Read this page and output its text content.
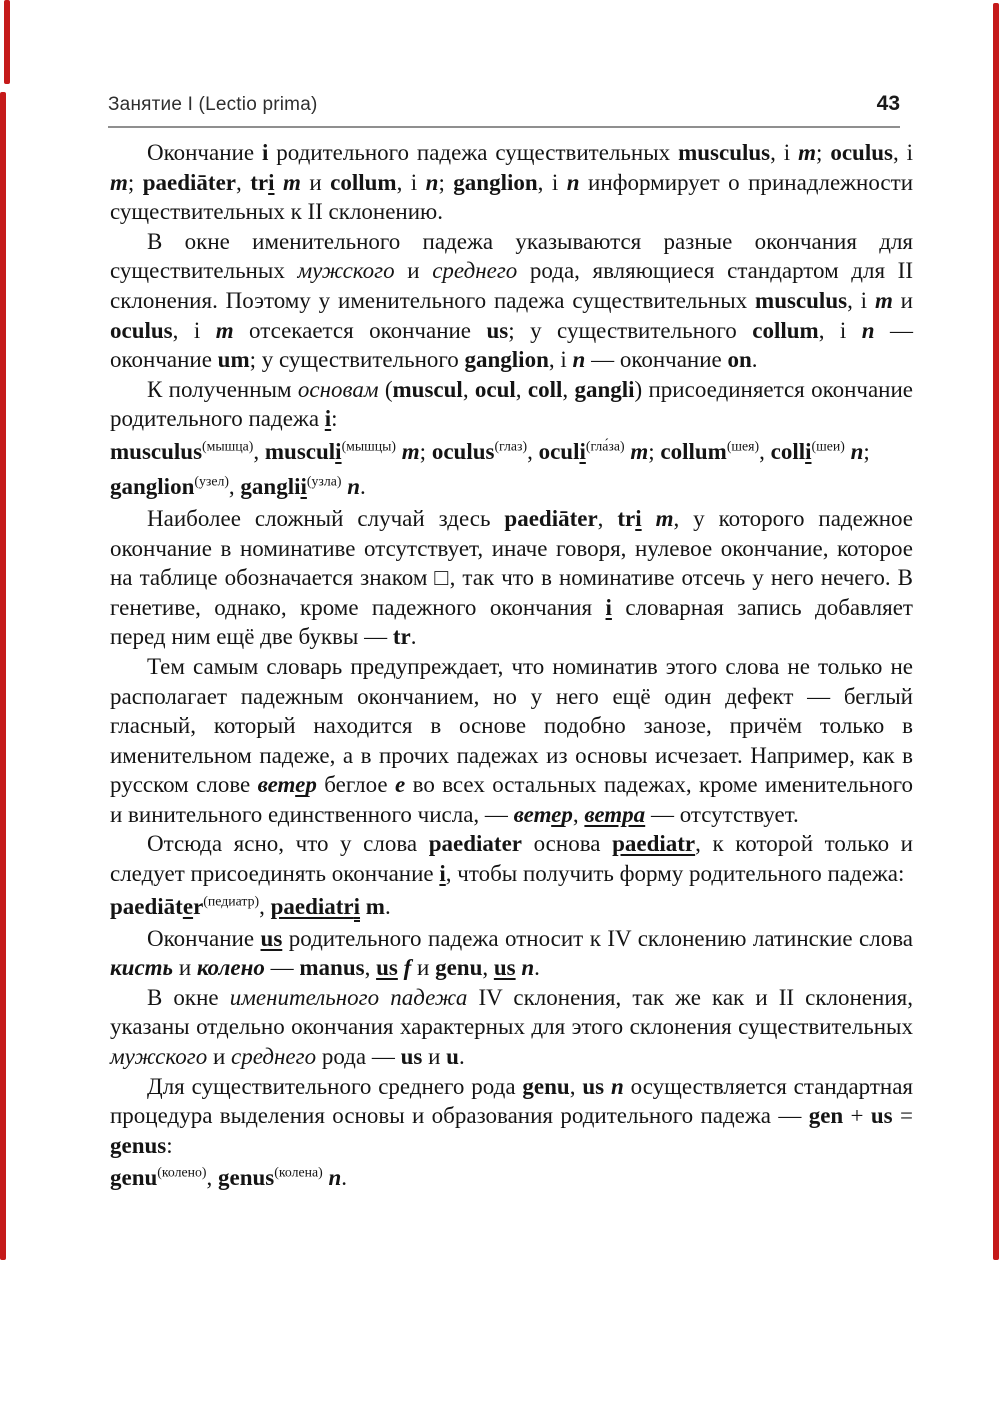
Занятие I (Lectio prima)	43

Окончание i родительного падежа существительных musculus, i m; oculus, i m; paediāter, tri m и collum, i n; ganglion, i n информирует о принадлежности существительных к II склонению.

В окне именительного падежа указываются разные окончания для существительных мужского и среднего рода, являющиеся стандартом для II склонения. Поэтому у именительного падежа существительных musculus, i m и oculus, i m отсекается окончание us; у существительного collum, i n — окончание um; у существительного ganglion, i n — окончание on.

К полученным основам (muscul, ocul, coll, gangli) присоединяется окончание родительного падежа i:

musculus$^{(мышца)}$, musculi$^{(мышцы)}$ m; oculus$^{(глаз)}$, oculi$^{(гла́за)}$ m; collum$^{(шея)}$, colli$^{(шеи)}$ n; ganglion$^{(узел)}$, ganglii$^{(узла)}$ n.

Наиболее сложный случай здесь paediāter, tri m, у которого падежное окончание в номинативе отсутствует, иначе говоря, нулевое окончание, которое на таблице обозначается знаком □, так что в номинативе отсечь у него нечего. В генетиве, однако, кроме падежного окончания i словарная запись добавляет перед ним ещё две буквы — tr.

Тем самым словарь предупреждает, что номинатив этого слова не только не располагает падежным окончанием, но у него ещё один дефект — беглый гласный, который находится в основе подобно занозе, причём только в именительном падеже, а в прочих падежах из основы исчезает. Например, как в русском слове ветер беглое е во всех остальных падежах, кроме именительного и винительного единственного числа, — ветер, ветра — отсутствует.

Отсюда ясно, что у слова paediater основа paediatr, к которой только и следует присоединять окончание i, чтобы получить форму родительного падежа:

paediāter$^{(педиатр)}$, paediatri m.

Окончание us родительного падежа относит к IV склонению латинские слова кисть и колено — manus, us f и genu, us n.

В окне именительного падежа IV склонения, так же как и II склонения, указаны отдельно окончания характерных для этого склонения существительных мужского и среднего рода — us и u.

Для существительного среднего рода genu, us n осуществляется стандартная процедура выделения основы и образования родительного падежа — gen + us = genus:

genu$^{(колено)}$, genus$^{(колена)}$ n.
